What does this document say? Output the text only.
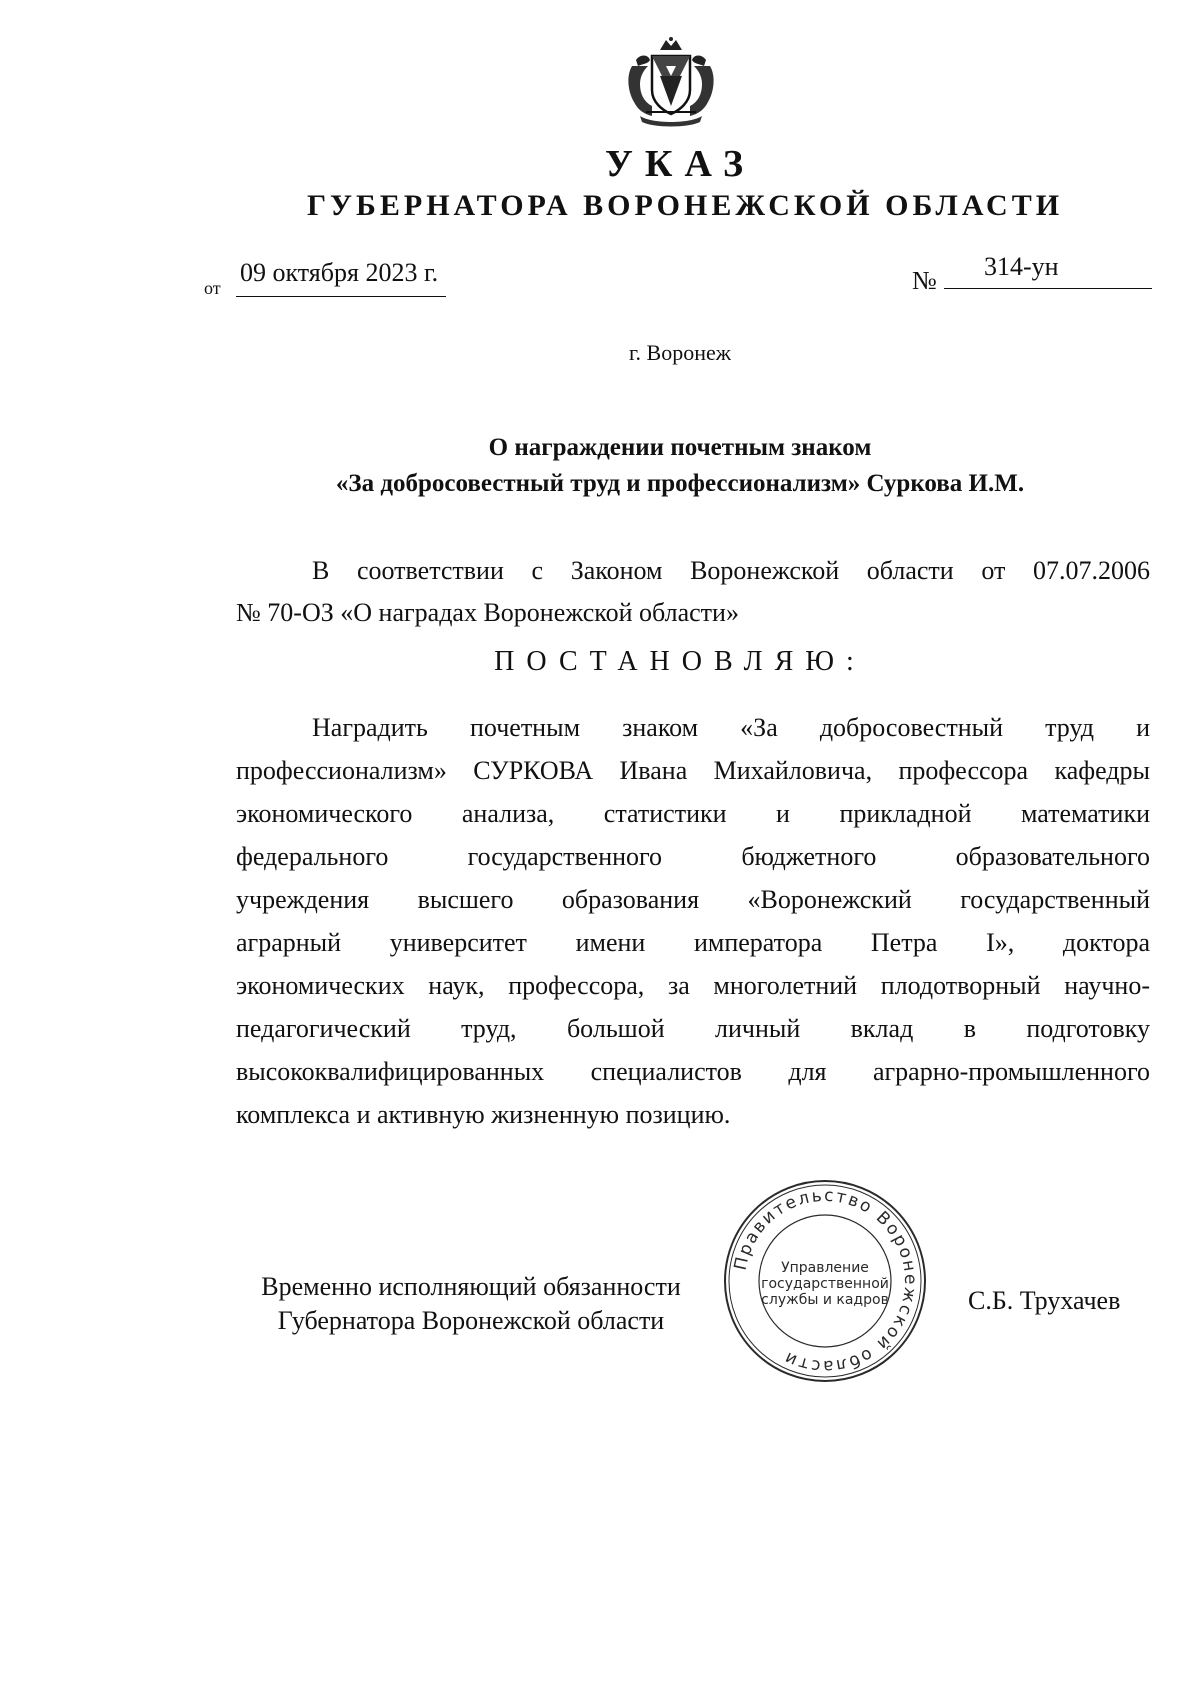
УКАЗ
ГУБЕРНАТОРА ВОРОНЕЖСКОЙ ОБЛАСТИ
от
09 октября 2023 г.	№ 314-ун
г. Воронеж
О награждении почетным знаком
«За добросовестный труд и профессионализм» Суркова И.М.
В соответствии с Законом Воронежской области от 07.07.2006
№ 70-ОЗ «О наградах Воронежской области»
ПОСТАНОВЛЯЮ:
Наградить почетным знаком «За добросовестный труд и
профессионализм» СУРКОВА Ивана Михайловича, профессора кафедры
экономического анализа, статистики и прикладной математики
федерального государственного бюджетного образовательного
учреждения высшего образования «Воронежский государственный
аграрный университет имени императора Петра I», доктора
экономических наук, профессора, за многолетний плодотворный научно-
педагогический труд, большой личный вклад в подготовку
высококвалифицированных специалистов для аграрно-промышленного
комплекса и активную жизненную позицию.
Временно исполняющий обязанности
Губернатора Воронежской области
Правительство Воронежской области
Управление
государственной
службы и кадров	С.Б. Трухачев
